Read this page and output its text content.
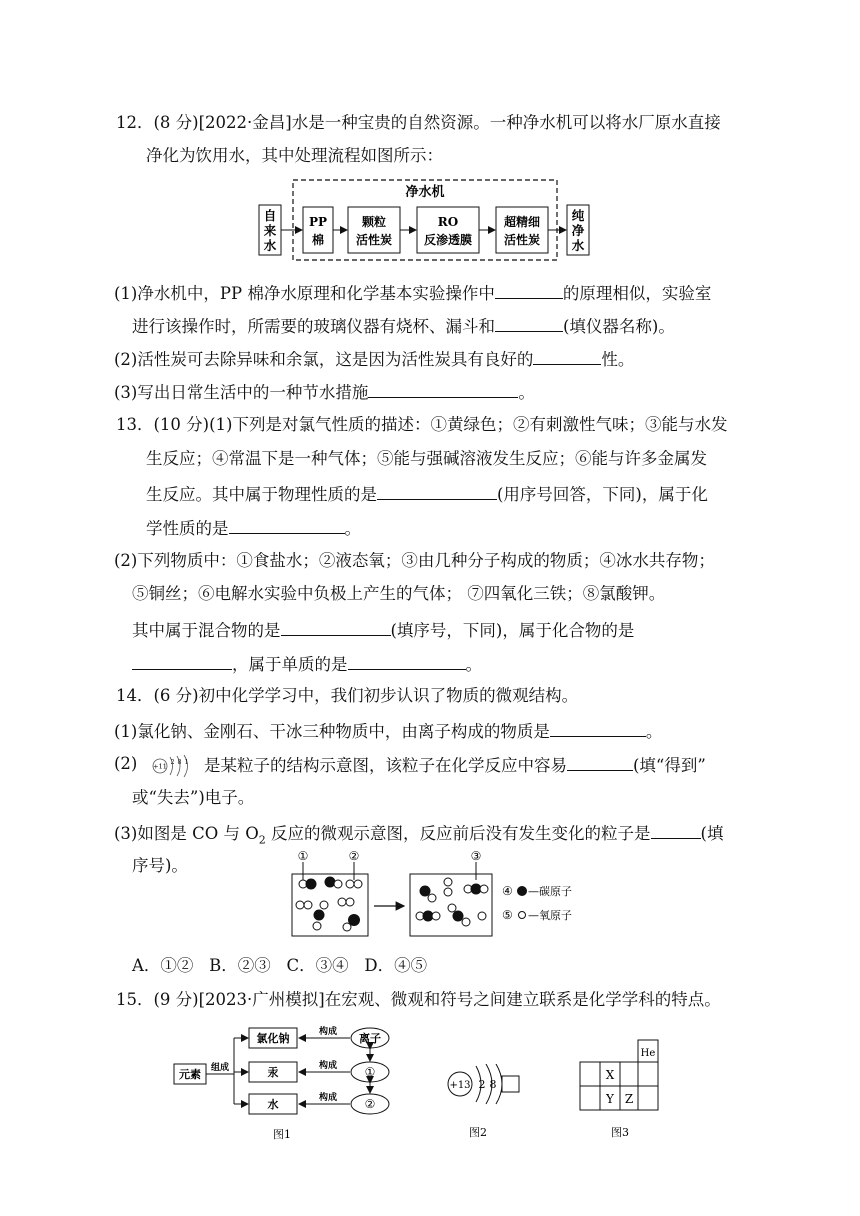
12．(8 分)[2022·金昌]水是一种宝贵的自然资源。一种净水机可以将水厂原水直接
净化为饮用水，其中处理流程如图所示：
净水机
自来水
PP
棉
颗粒
活性炭
RO
反渗透膜
超精细
活性炭
纯净水
(1)净水机中，PP 棉净水原理和化学基本实验操作中	的原理相似，实验室
进行该操作时，所需要的玻璃仪器有烧杯、漏斗和	(填仪器名称)。
(2)活性炭可去除异味和余氯，这是因为活性炭具有良好的	性。
(3)写出日常生活中的一种节水措施	。
13．(10 分)(1)下列是对氯气性质的描述：①黄绿色；②有刺激性气味；③能与水发
生反应；④常温下是一种气体；⑤能与强碱溶液发生反应；⑥能与许多金属发
生反应。其中属于物理性质的是	(用序号回答，下同)，属于化
学性质的是	。
(2)下列物质中：①食盐水；②液态氧；③由几种分子构成的物质；④冰水共存物；
⑤铜丝；⑥电解水实验中负极上产生的气体； ⑦四氧化三铁；⑧氯酸钾。
其中属于混合物的是	(填序号，下同)，属于化合物的是
，属于单质的是	。
14．(6 分)初中化学学习中，我们初步认识了物质的微观结构。
(1)氯化钠、金刚石、干冰三种物质中，由离子构成的物质是	。
(2) +11 2 8 1 是某粒子的结构示意图，该粒子在化学反应中容易	(填“得到”
或“失去”)电子。
(3)如图是 CO 与 $O_2$ 反应的微观示意图，反应前后没有发生变化的粒子是	(填
序号)。	①	②	③
④ —碳原子
⑤ —氧原子
A．①②   B．②③   C．③④   D．④⑤
15．(9 分)[2023·广州模拟]在宏观、微观和符号之间建立联系是化学学科的特点。
元素 组成
氯化钠
汞
水
构成
构成
构成
离子
①
②
图1
+13 2 8
图2
He
X
Y Z
图3
